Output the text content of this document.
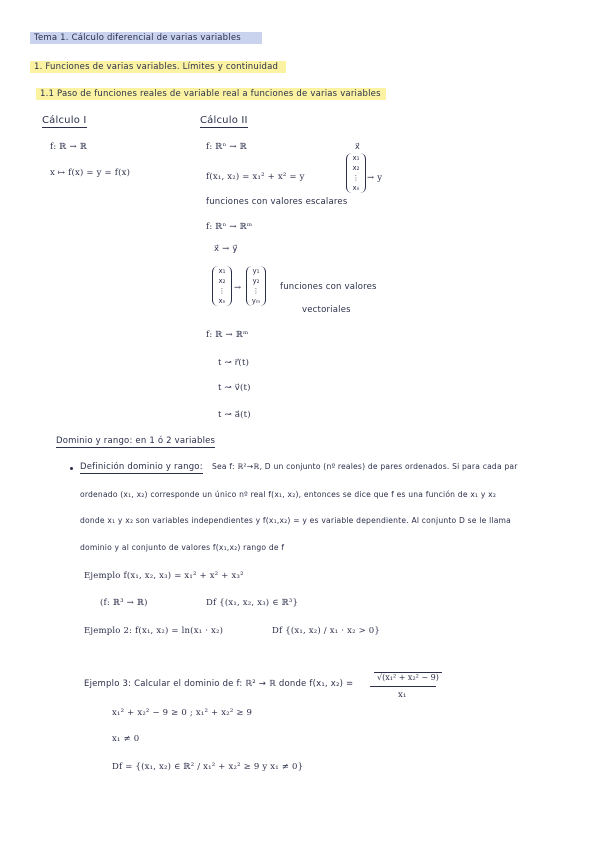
Tema 1. Cálculo diferencial de varias variables
1. Funciones de varias variables. Límites y continuidad
1.1 Paso de funciones reales de variable real a funciones de varias variables
Cálculo I
f: ℝ → ℝ
x ↦ f(x) = y = f(x)
Cálculo II
f: ℝⁿ → ℝ
f(x₁, x₂) = x₁² + x² = y
x⃗
x₁
x₂
⋮
xₙ
→ y
funciones con valores escalares
f: ℝⁿ → ℝᵐ
x⃗ → y⃗
x₁
x₂
⋮
xₙ
→
y₁
y₂
⋮
yₘ
funciones con valores
vectoriales
f: ℝ → ℝᵐ
t ↝ r⃗(t)
t ↝ v⃗(t)
t ↝ a⃗(t)
Dominio y rango: en 1 ó 2 variables
Definición dominio y rango: Sea f: ℝ²→ℝ, D un conjunto (nº reales) de pares ordenados. Si para cada par
ordenado (x₁, x₂) corresponde un único nº real f(x₁, x₂), entonces se dice que f es una función de x₁ y x₂
donde x₁ y x₂ son variables independientes y f(x₁,x₂) = y es variable dependiente. Al conjunto D se le llama
dominio y al conjunto de valores f(x₁,x₂) rango de f
Ejemplo f(x₁, x₂, x₃) = x₁² + x² + x₃²
(f: ℝ³ → ℝ)	Df {(x₁, x₂, x₃) ∈ ℝ³}
Ejemplo 2: f(x₁, x₂) = ln(x₁ · x₂)	Df {(x₁, x₂) / x₁ · x₂ > 0}
Ejemplo 3: Calcular el dominio de f: ℝ² → ℝ donde f(x₁, x₂) =
√(x₁² + x₂² − 9)
x₁
x₁² + x₂² − 9 ≥ 0 ; x₁² + x₂² ≥ 9
x₁ ≠ 0
Df = {(x₁, x₂) ∈ ℝ² / x₁² + x₂² ≥ 9 y x₁ ≠ 0}
